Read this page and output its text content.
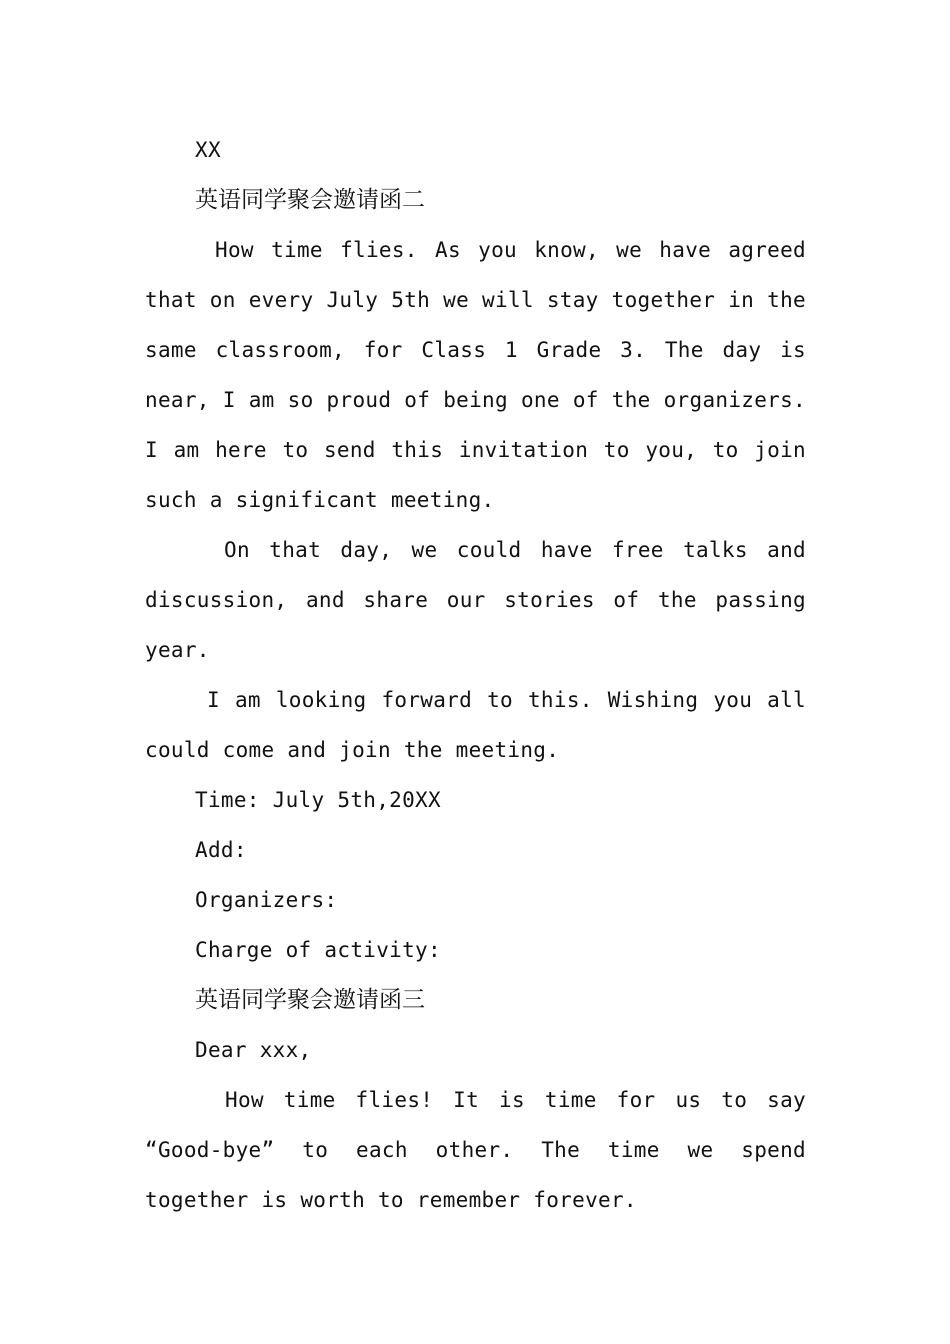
XX

英语同学聚会邀请函二

How time flies. As you know, we have agreed that on every July 5th we will stay together in the same classroom, for Class 1 Grade 3. The day is near, I am so proud of being one of the organizers. I am here to send this invitation to you, to join such a significant meeting.

On that day, we could have free talks and discussion, and share our stories of the passing year.

I am looking forward to this. Wishing you all could come and join the meeting.

Time: July 5th,20XX

Add:

Organizers:

Charge of activity:

英语同学聚会邀请函三

Dear xxx,

How time flies! It is time for us to say “Good-bye” to each other. The time we spend together is worth to remember forever.
